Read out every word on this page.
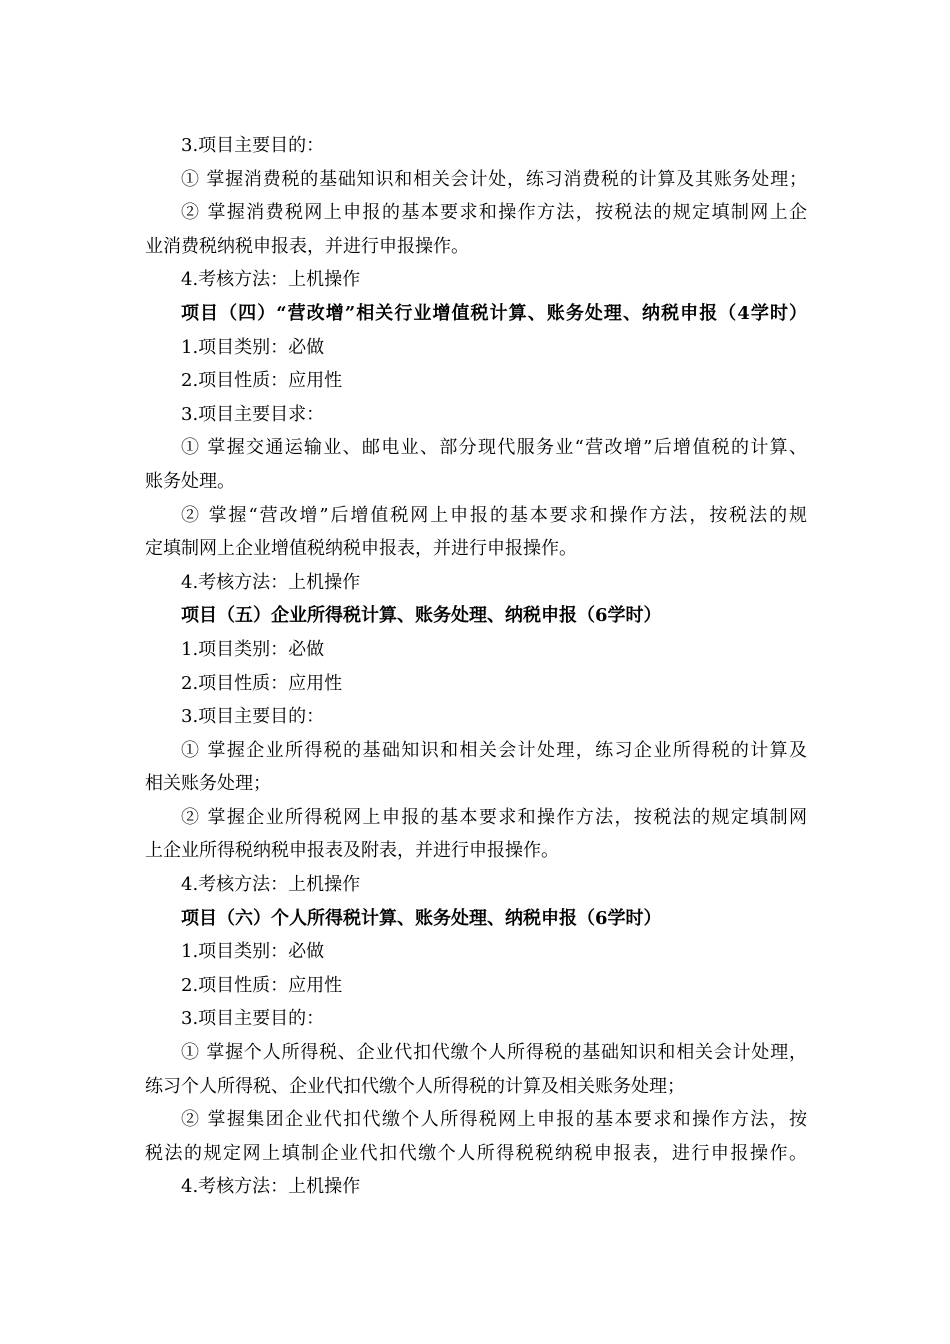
3.项目主要目的：
① 掌握消费税的基础知识和相关会计处，练习消费税的计算及其账务处理；
② 掌握消费税网上申报的基本要求和操作方法，按税法的规定填制网上企
业消费税纳税申报表，并进行申报操作。
4.考核方法：上机操作
项目（四）“营改增”相关行业增值税计算、账务处理、纳税申报（4学时）
1.项目类别：必做
2.项目性质：应用性
3.项目主要目求：
① 掌握交通运输业、邮电业、部分现代服务业“营改增”后增值税的计算、
账务处理。
② 掌握“营改增”后增值税网上申报的基本要求和操作方法，按税法的规
定填制网上企业增值税纳税申报表，并进行申报操作。
4.考核方法：上机操作
项目（五）企业所得税计算、账务处理、纳税申报（6学时）
1.项目类别：必做
2.项目性质：应用性
3.项目主要目的：
① 掌握企业所得税的基础知识和相关会计处理，练习企业所得税的计算及
相关账务处理；
② 掌握企业所得税网上申报的基本要求和操作方法，按税法的规定填制网
上企业所得税纳税申报表及附表，并进行申报操作。
4.考核方法：上机操作
项目（六）个人所得税计算、账务处理、纳税申报（6学时）
1.项目类别：必做
2.项目性质：应用性
3.项目主要目的：
① 掌握个人所得税、企业代扣代缴个人所得税的基础知识和相关会计处理，
练习个人所得税、企业代扣代缴个人所得税的计算及相关账务处理；
② 掌握集团企业代扣代缴个人所得税网上申报的基本要求和操作方法，按
税法的规定网上填制企业代扣代缴个人所得税税纳税申报表，进行申报操作。
4.考核方法：上机操作
